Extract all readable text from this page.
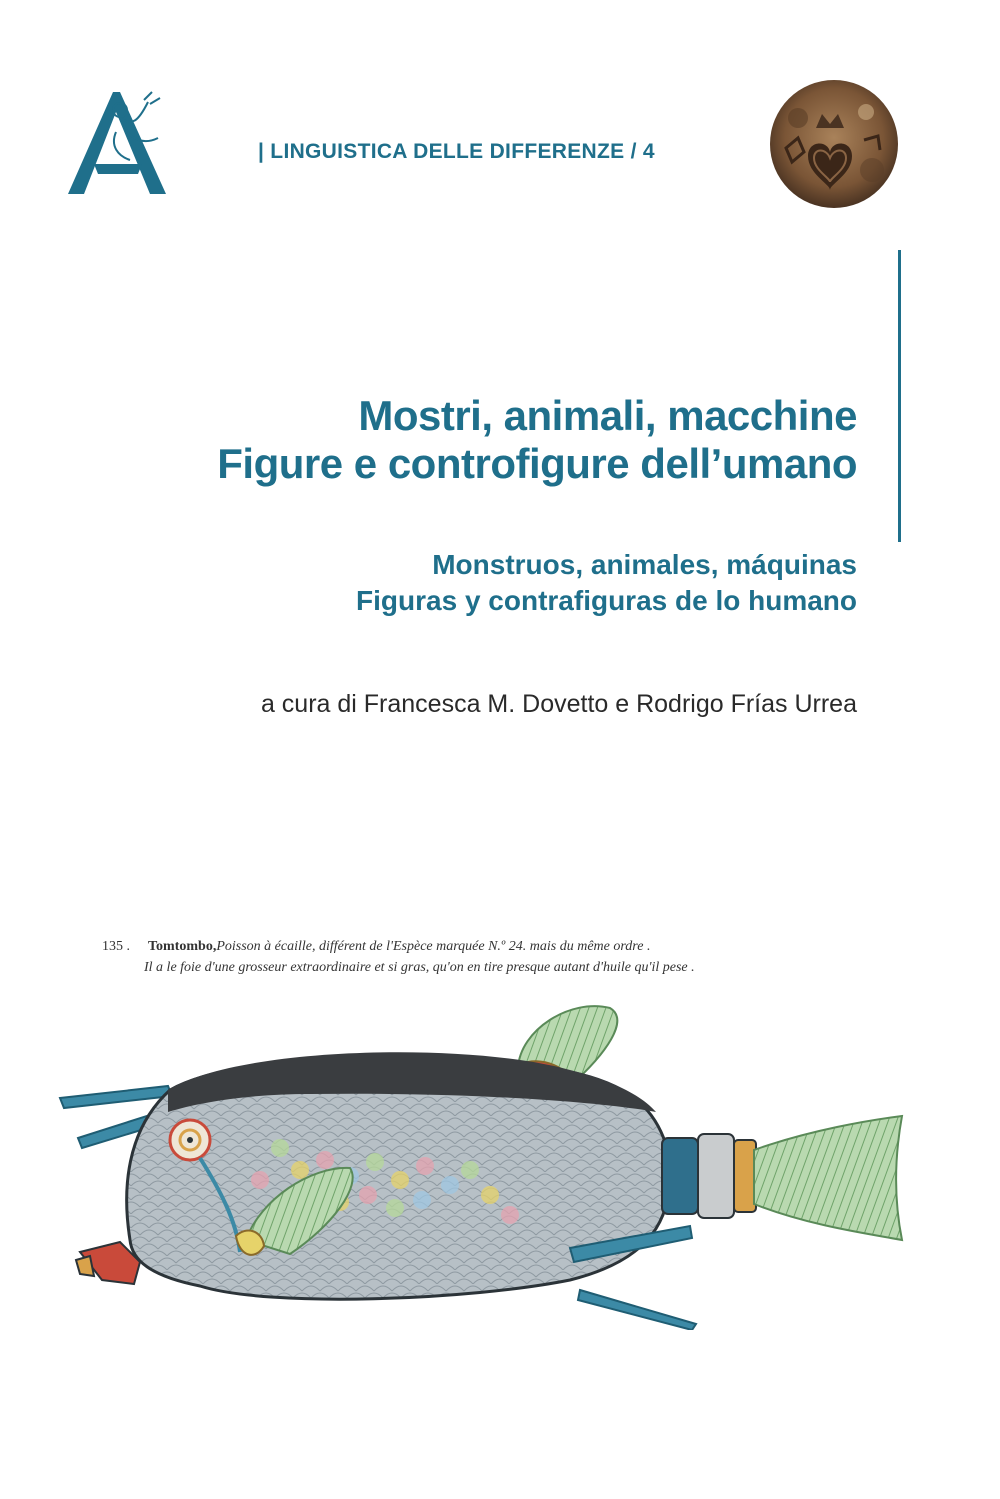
| LINGUISTICA DELLE DIFFERENZE / 4
Mostri, animali, macchine
Figure e controfigure dell’umano
Monstruos, animales, máquinas
Figuras y contrafiguras de lo humano
a cura di Francesca M. Dovetto e Rodrigo Frías Urrea
135 . Tomtombo,Poisson à écaille, différent de l'Espèce marquée N.º 24. mais du même ordre .
Il a le foie d'une grosseur extraordinaire et si gras, qu'on en tire presque autant d'huile qu'il pese .
